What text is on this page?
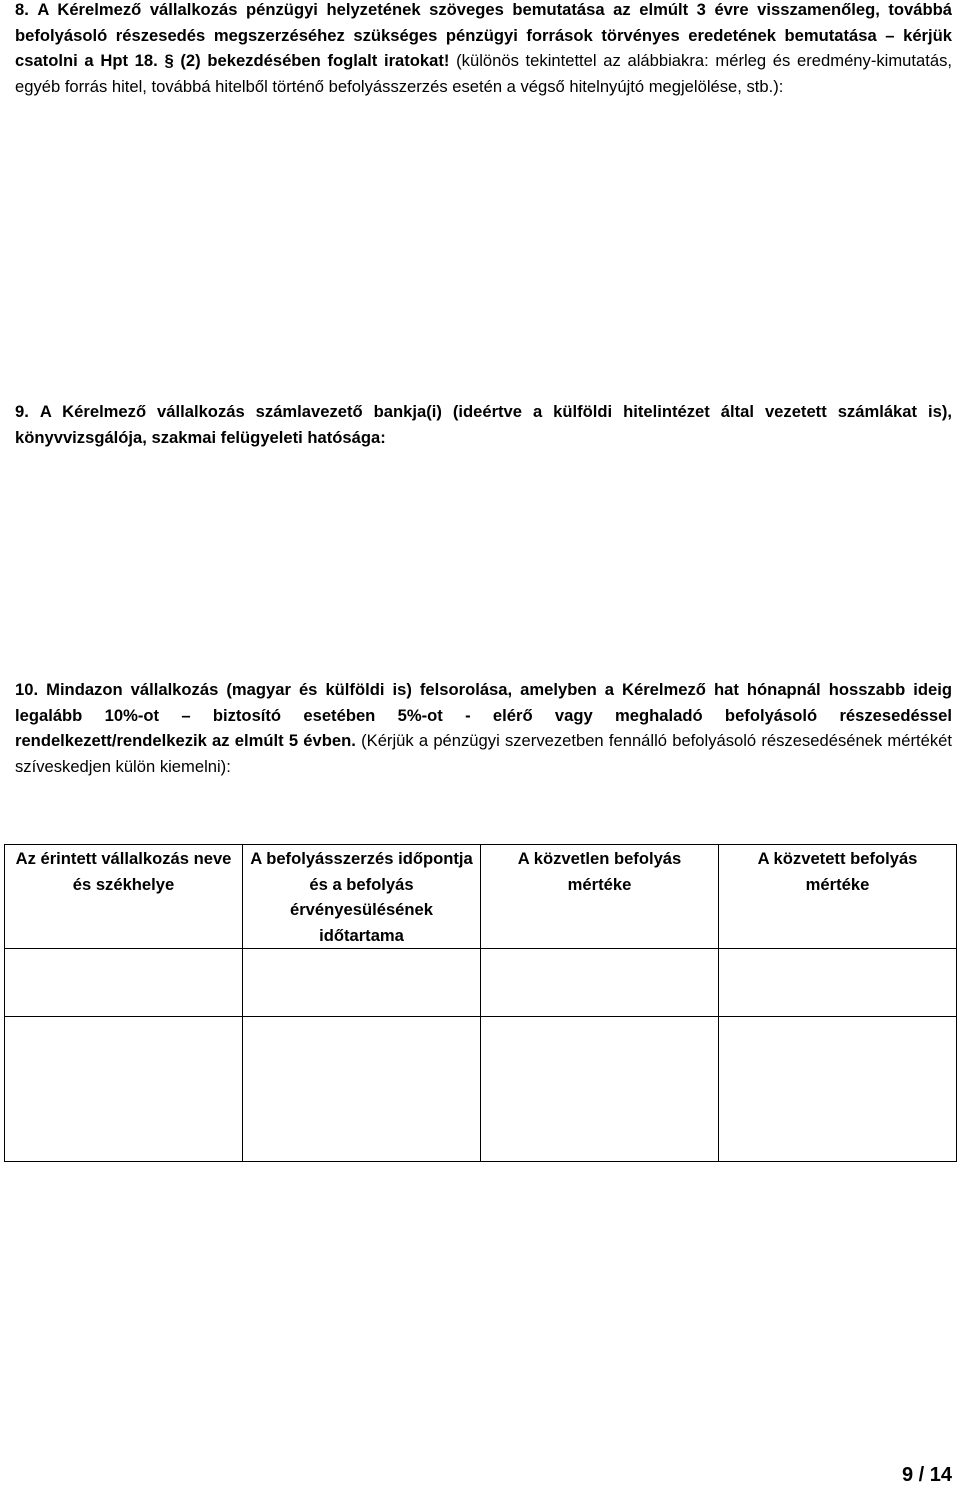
8. A Kérelmező vállalkozás pénzügyi helyzetének szöveges bemutatása az elmúlt 3 évre visszamenőleg, továbbá befolyásoló részesedés megszerzéséhez szükséges pénzügyi források törvényes eredetének bemutatása – kérjük csatolni a Hpt 18. § (2) bekezdésében foglalt iratokat! (különös tekintettel az alábbiakra: mérleg és eredmény-kimutatás, egyéb forrás hitel, továbbá hitelből történő befolyásszerzés esetén a végső hitelnyújtó megjelölése, stb.):
9. A Kérelmező vállalkozás számlavezető bankja(i) (ideértve a külföldi hitelintézet által vezetett számlákat is), könyvvizsgálója, szakmai felügyeleti hatósága:
10. Mindazon vállalkozás (magyar és külföldi is) felsorolása, amelyben a Kérelmező hat hónapnál hosszabb ideig legalább 10%-ot – biztosító esetében 5%-ot - elérő vagy meghaladó befolyásoló részesedéssel rendelkezett/rendelkezik az elmúlt 5 évben. (Kérjük a pénzügyi szervezetben fennálló befolyásoló részesedésének mértékét szíveskedjen külön kiemelni):
Az érintett vállalkozás neve és székhelye	A befolyásszerzés időpontja és a befolyás érvényesülésének időtartama	A közvetlen befolyás mértéke	A közvetett befolyás mértéke

9 / 14
